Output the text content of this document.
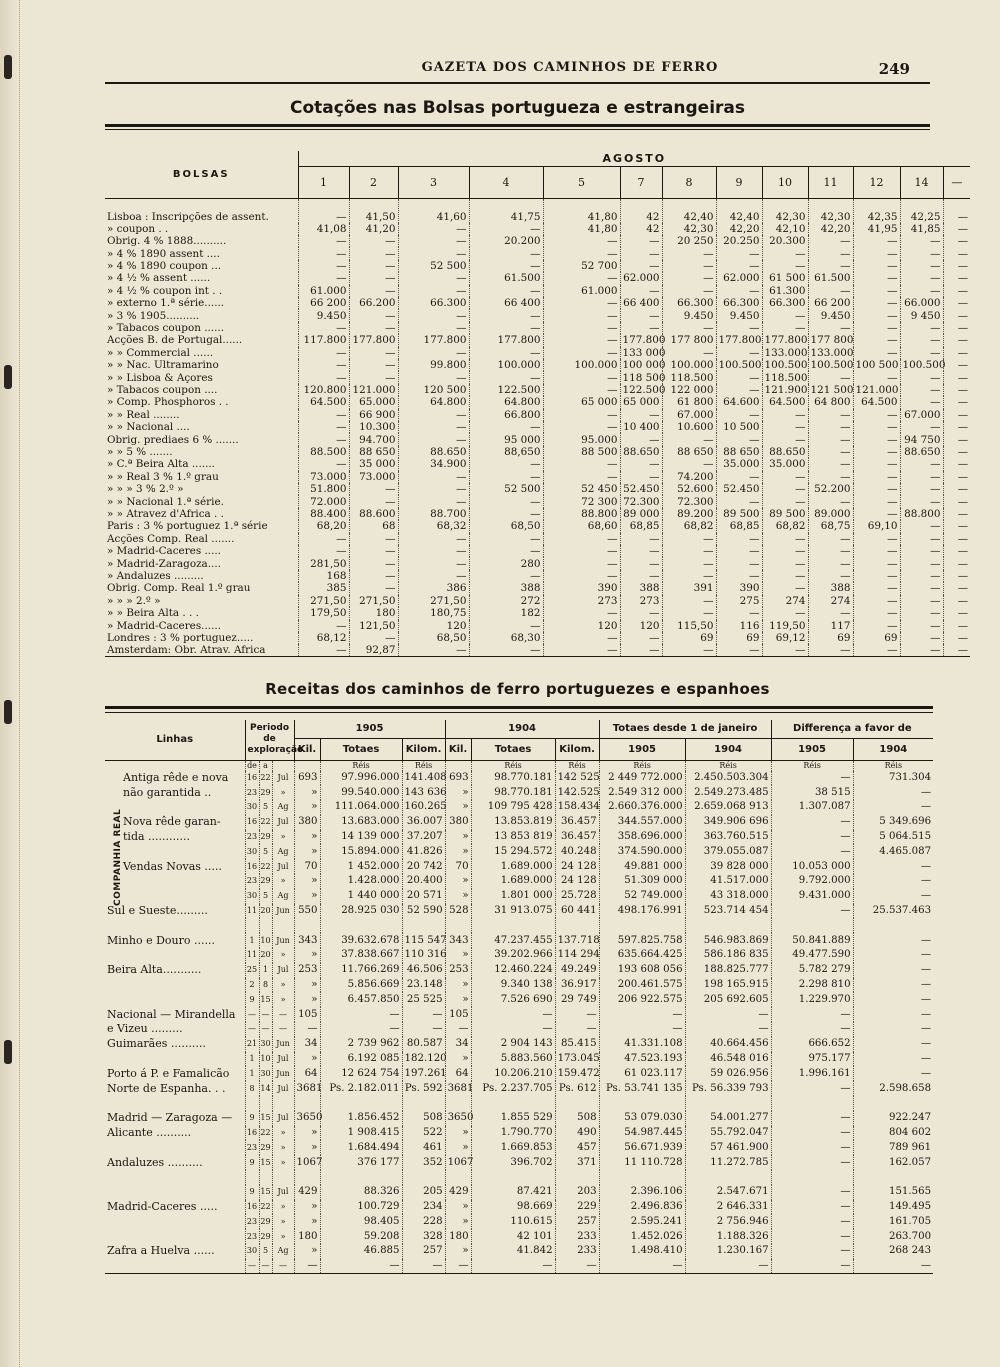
GAZETA DOS CAMINHOS DE FERRO	249
Cotações nas Bolsas portugueza e estrangeiras
BOLSAS	AGOSTO												
	1	2	3	4	5	7	8	9	10	11	12	14	—
Lisboa : Inscripções de assent.	—	41,50	41,60	41,75	41,80	42	42,40	42,40	42,30	42,30	42,35	42,25	—
» coupon . .	41,08	41,20	—	—	41,80	42	42,30	42,20	42,10	42,20	41,95	41,85	—
Obrig. 4 % 1888..........	—	—	—	20.200	—	—	20 250	20.250	20.300	—	—	—	—
» 4 % 1890 assent ....	—	—	—	—	—	—	—	—	—	—	—	—	—
» 4 % 1890 coupon ...	—	—	52 500	—	52 700	—	—	—	—	—	—	—	—
» 4 ½ % assent ......	—	—	—	61.500	—	62.000	—	62.000	61 500	61.500	—	—	—
» 4 ½ % coupon int . .	61.000	—	—	—	61.000	—	—	—	61.300	—	—	—	—
» externo 1.ª série......	66 200	66.200	66.300	66 400	—	66 400	66.300	66.300	66.300	66 200	—	66.000	—
» 3 % 1905..........	9.450	—	—	—	—	—	9.450	9.450	—	9.450	—	9 450	—
» Tabacos coupon ......	—	—	—	—	—	—	—	—	—	—	—	—	—
Acções B. de Portugal......	117.800	177.800	177.800	177.800	—	177.800	177 800	177.800	177.800	177 800	—	—	—
» » Commercial ......	—	—	—	—	—	133 000	—	—	133.000	133.000	—	—	—
» » Nac. Ultramarino	—	—	99.800	100.000	100.000	100 000	100.000	100.500	100.500	100.500	100 500	100.500	—
» » Lisboa & Açores	—	—	—	—	—	118 500	118.500	—	118.500	—	—	—	—
» Tabacos coupon ....	120.800	121.000	120 500	122.500	—	122.500	122 000	—	121.900	121 500	121.000	—	—
» Comp. Phosphoros . .	64.500	65.000	64.800	64.800	65 000	65 000	61 800	64.600	64.500	64 800	64.500	—	—
» » Real ........	—	66 900	—	66.800	—	—	67.000	—	—	—	—	67.000	—
» » Nacional ....	—	10.300	—	—	—	10 400	10.600	10 500	—	—	—	—	—
Obrig. prediaes 6 % .......	—	94.700	—	95 000	95.000	—	—	—	—	—	—	94 750	—
» » 5 % .......	88.500	88 650	88.650	88,650	88 500	88.650	88 650	88 650	88.650	—	—	88.650	—
» C.ª Beira Alta .......	—	35 000	34.900	—	—	—	—	35.000	35.000	—	—	—	—
» » Real 3 % 1.º grau	73.000	73.000	—	—	—	—	74.200	—	—	—	—	—	—
» » » 3 % 2.º »	51.800	—	—	52 500	52 450	52.450	52.600	52.450	—	52.200	—	—	—
» » Nacional 1.ª série.	72.000	—	—	—	72 300	72.300	72.300	—	—	—	—	—	—
» » Atravez d'Africa . .	88.400	88.600	88.700	—	88.800	89 000	89.200	89 500	89 500	89.000	—	88.800	—
Paris : 3 % portuguez 1.ª série	68,20	68	68,32	68,50	68,60	68,85	68,82	68,85	68,82	68,75	69,10	—	—
Acções Comp. Real .......	—	—	—	—	—	—	—	—	—	—	—	—	—
» Madrid-Caceres .....	—	—	—	—	—	—	—	—	—	—	—	—	—
» Madrid-Zaragoza....	281,50	—	—	280	—	—	—	—	—	—	—	—	—
» Andaluzes .........	168	—	—	—	—	—	—	—	—	—	—	—	—
Obrig. Comp. Real 1.º grau	385	—	386	388	390	388	391	390	—	388	—	—	—
» » » 2.º »	271,50	271,50	271,50	272	273	273	—	275	274	274	—	—	—
» » Beira Alta . . .	179,50	180	180,75	182	—	—	—	—	—	—	—	—	—
» Madrid-Caceres......	—	121,50	120	—	120	120	115,50	116	119,50	117	—	—	—
Londres : 3 % portuguez.....	68,12	—	68,50	68,30	—	—	69	69	69,12	69	69	—	—
Amsterdam: Obr. Atrav. Africa	—	92,87	—	—	—	—	—	—	—	—	—	—	—
Receitas dos caminhos de ferro portuguezes e espanhoes
Linhas	Periodo de exploração			1905			1904			Totaes desde 1 de janeiro		Differença a favor de	
				Kil.	Totaes	Kilom.	Kil.	Totaes	Kilom.	1905	1904	1905	1904
	de	a			Réis	Réis		Réis	Réis	Réis	Réis	Réis	Réis
Antiga rêde e nova	16	22	Jul	693	97.996.000	141.408	693	98.770.181	142 525	2 449 772.000	2.450.503.304	—	731.304
não garantida ..	23	29	»	»	99.540.000	143 636	»	98.770.181	142.525	2.549 312 000	2.549.273.485	38 515	—
	30	5	Ag	»	111.064.000	160.265	»	109 795 428	158.434	2.660.376.000	2.659.068 913	1.307.087	—
Nova rêde garan-	16	22	Jul	380	13.683.000	36.007	380	13.853.819	36.457	344.557.000	349.906 696	—	5 349.696
tida ............	23	29	»	»	14 139 000	37.207	»	13 853 819	36.457	358.696.000	363.760.515	—	5 064.515
	30	5	Ag	»	15.894.000	41.826	»	15 294.572	40.248	374.590.000	379.055.087	—	4.465.087
Vendas Novas .....	16	22	Jul	70	1 452.000	20 742	70	1.689.000	24 128	49.881 000	39 828 000	10.053 000	—
	23	29	»	»	1.428.000	20.400	»	1.689.000	24 128	51.309 000	41.517.000	9.792.000	—
	30	5	Ag	»	1 440 000	20 571	»	1.801 000	25.728	52 749.000	43 318.000	9.431.000	—
Sul e Sueste.........	11	20	Jun	550	28.925 030	52 590	528	31 913.075	60 441	498.176.991	523.714 454	—	25.537.463

Minho e Douro ......	1	10	Jun	343	39.632.678	115 547	343	47.237.455	137.718	597.825.758	546.983.869	50.841.889	—
	11	20	»	»	37.838.667	110 316	»	39.202.966	114 294	635.664.425	586.186 835	49.477.590	—
Beira Alta...........	25	1	Jul	253	11.766.269	46.506	253	12.460.224	49.249	193 608 056	188.825.777	5.782 279	—
	2	8	»	»	5.856.669	23.148	»	9.340 138	36.917	200.461.575	198 165.915	2.298 810	—
	9	15	»	»	6.457.850	25 525	»	7.526 690	29 749	206 922.575	205 692.605	1.229.970	—
Nacional — Mirandella	—	—	—	105	—	—	105	—	—	—	—	—	—
e Vizeu .........	—	—	—	—	—	—	—	—	—	—	—	—	—
Guimarães ..........	21	30	Jun	34	2 739 962	80.587	34	2 904 143	85.415	41.331.108	40.664.456	666.652	—
	1	10	Jul	»	6.192 085	182.120	»	5.883.560	173.045	47.523.193	46.548 016	975.177	—
Porto á P. e Famalicão	1	30	Jun	64	12 624 754	197.261	64	10.206.210	159.472	61 023.117	59 026.956	1.996.161	—
Norte de Espanha. . .	8	14	Jul	3681	Ps. 2.182.011	Ps. 592	3681	Ps. 2.237.705	Ps. 612	Ps. 53.741 135	Ps. 56.339 793	—	2.598.658

Madrid — Zaragoza —	9	15	Jul	3650	1.856.452	508	3650	1.855 529	508	53 079.030	54.001.277	—	922.247
Alicante ..........	16	22	»	»	1 908.415	522	»	1.790.770	490	54.987.445	55.792.047	—	804 602
	23	29	»	»	1.684.494	461	»	1.669.853	457	56.671.939	57 461.900	—	789 961
Andaluzes ..........	9	15	»	1067	376 177	352	1067	396.702	371	11 110.728	11.272.785	—	162.057

	9	15	Jul	429	88.326	205	429	87.421	203	2.396.106	2.547.671	—	151.565
Madrid-Caceres .....	16	22	»	»	100.729	234	»	98.669	229	2.496.836	2 646.331	—	149.495
	23	29	»	»	98.405	228	»	110.615	257	2.595.241	2 756.946	—	161.705
	23	29	»	180	59.208	328	180	42 101	233	1.452.026	1.188.326	—	263.700
Zafra a Huelva ......	30	5	Ag	»	46.885	257	»	41.842	233	1.498.410	1.230.167	—	268 243
	—	—	—	—	—	—	—	—	—	—	—	—	—
COMPANHIA REAL
